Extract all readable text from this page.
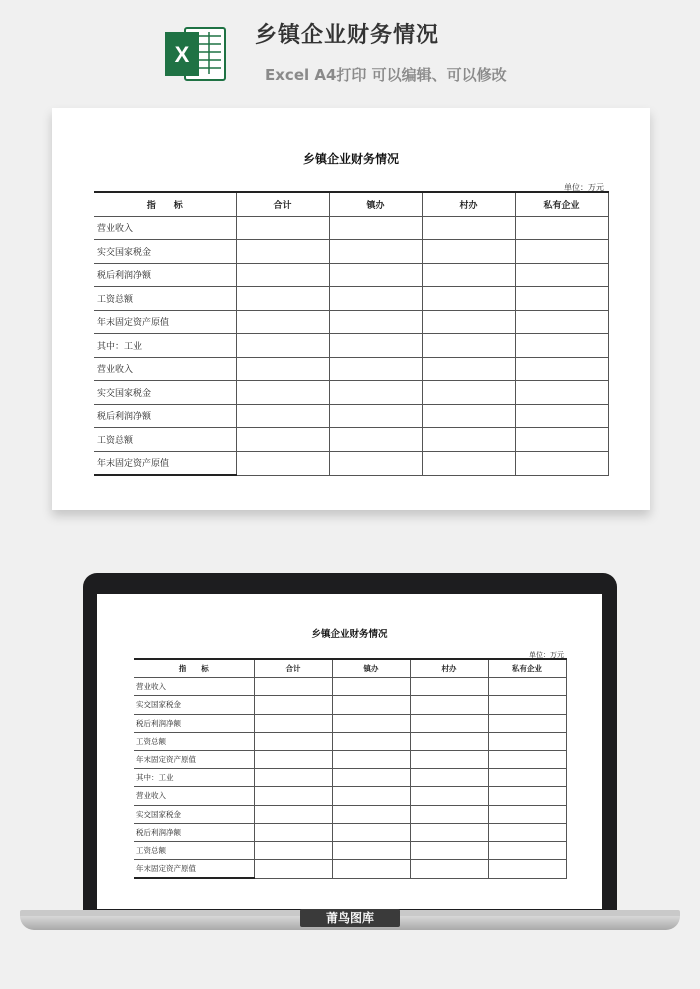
X
乡镇企业财务情况
Excel A4打印 可以编辑、可以修改
乡镇企业财务情况
单位：万元
指　　标	合计	镇办	村办	私有企业
营业收入				
实交国家税金				
税后利润净额				
工资总额				
年末固定资产原值				
其中：工业				
营业收入				
实交国家税金				
税后利润净额				
工资总额				
年末固定资产原值				
乡镇企业财务情况
单位：万元
指　　标	合计	镇办	村办	私有企业
营业收入				
实交国家税金				
税后利润净额				
工资总额				
年末固定资产原值				
其中：工业				
营业收入				
实交国家税金				
税后利润净额				
工资总额				
年末固定资产原值				
莆鸟图库
